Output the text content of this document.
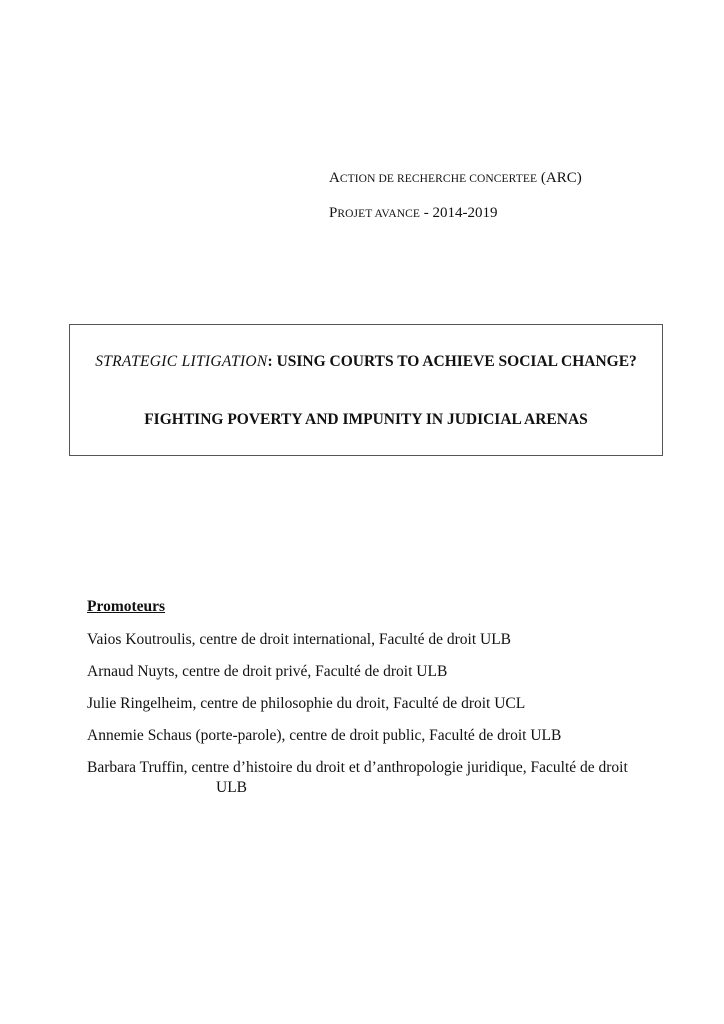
ACTION DE RECHERCHE CONCERTEE (ARC)
PROJET AVANCE - 2014-2019
STRATEGIC LITIGATION: USING COURTS TO ACHIEVE SOCIAL CHANGE?
FIGHTING POVERTY AND IMPUNITY IN JUDICIAL ARENAS
Promoteurs
Vaios Koutroulis, centre de droit international, Faculté de droit ULB
Arnaud Nuyts, centre de droit privé, Faculté de droit ULB
Julie Ringelheim, centre de philosophie du droit, Faculté de droit UCL
Annemie Schaus (porte-parole), centre de droit public, Faculté de droit ULB
Barbara Truffin, centre d’histoire du droit et d’anthropologie juridique, Faculté de droit
ULB
